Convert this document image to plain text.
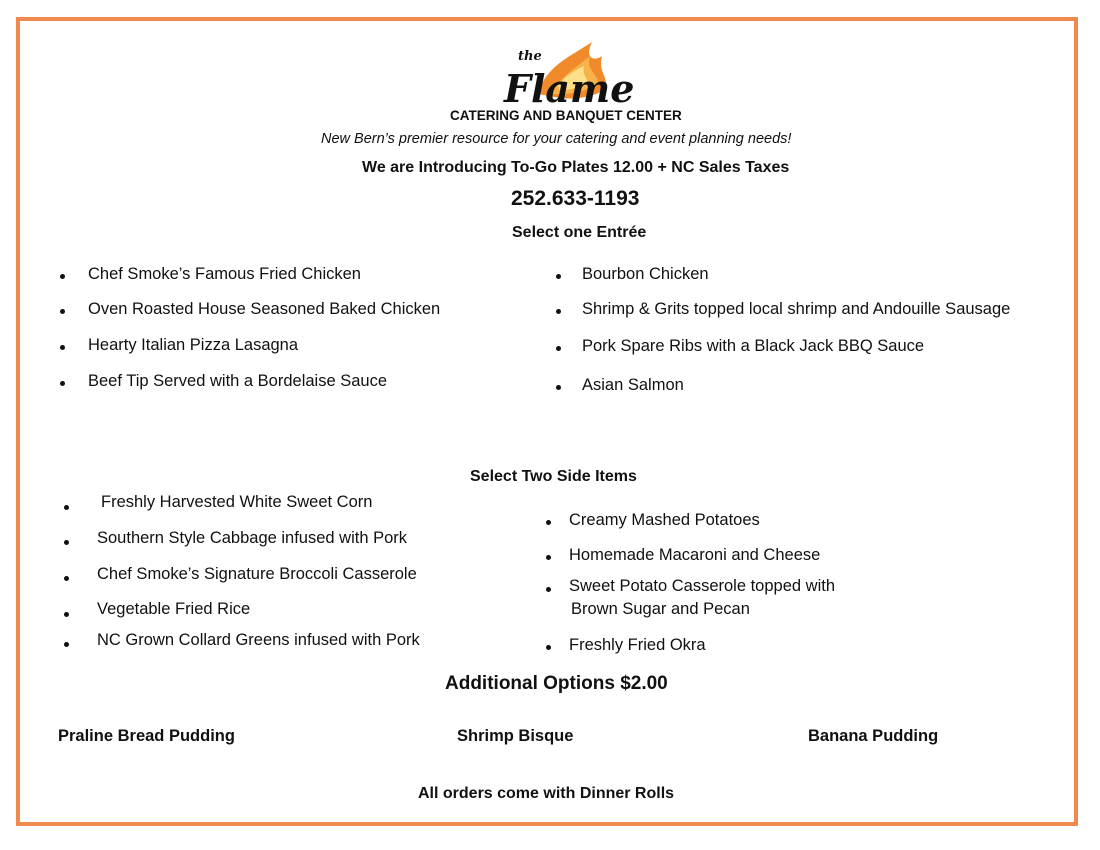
the
Flame
CATERING AND BANQUET CENTER
New Bern’s premier resource for your catering and event planning needs!
We are Introducing To-Go Plates 12.00 + NC Sales Taxes
252.633-1193
Select one Entrée
Chef Smoke’s Famous Fried Chicken
Oven Roasted House Seasoned Baked Chicken
Hearty Italian Pizza Lasagna
Beef Tip Served with a Bordelaise Sauce
Bourbon Chicken
Shrimp & Grits topped local shrimp and Andouille Sausage
Pork Spare Ribs with a Black Jack BBQ Sauce
Asian Salmon
Select Two Side Items
Freshly Harvested White Sweet Corn
Southern Style Cabbage infused with Pork
Chef Smoke’s Signature Broccoli Casserole
Vegetable Fried Rice
NC Grown Collard Greens infused with Pork
Creamy Mashed Potatoes
Homemade Macaroni and Cheese
Sweet Potato Casserole topped with
Brown Sugar and Pecan
Freshly Fried Okra
Additional Options $2.00
Praline Bread Pudding	Shrimp Bisque	Banana Pudding
All orders come with Dinner Rolls
